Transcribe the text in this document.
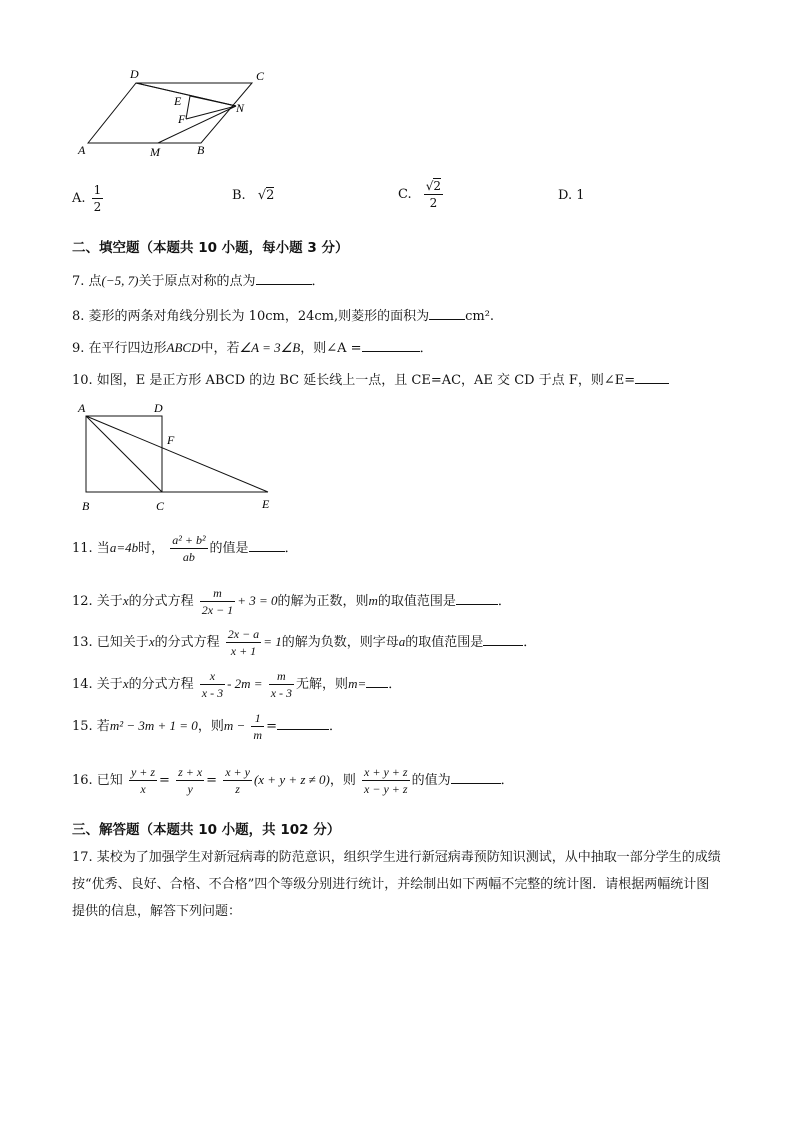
A
D	C
E
F
N
M	B
A. $\frac{1}{2}$	B. √2	C. $\frac{√2}{2}$	D. 1
二、填空题（本题共 10 小题，每小题 3 分）
7. 点(−5, 7)关于原点对称的点为	．
8. 菱形的两条对角线分别长为 10cm，24cm,则菱形的面积为	cm².
9. 在平行四边形ABCD中，若∠A = 3∠B，则∠A =	．
10. 如图，E 是正方形 ABCD 的边 BC 延长线上一点，且 CE=AC，AE 交 CD 于点 F，则∠E=
A	D
F
B	C	E
11. 当a=4b时， $\frac{\text{a² + b²}}{ab}$ 的值是	．
12. 关于x的分式方程 $\frac{m}{2x - 1} + 3 = 0$的解为正数，则m的取值范围是	．
13. 已知关于x的分式方程 $\frac{2x - a}{x + 1} = 1$的解为负数，则字母a的取值范围是	．
14. 关于x的分式方程 $\frac{x}{x - 3} - 2m = \frac{m}{x - 3}$ 无解，则m= ．
15. 若m² − 3m + 1 = 0，则$m - \frac{1}{m}$ =	．
16. 已知 $\frac{y + z}{x} = \frac{z + x}{y} = \frac{x + y}{z} (x + y + z \ne 0)$，则 $\frac{x + y + z}{x - y + z}$ 的值为	．
三、解答题（本题共 10 小题，共 102 分）
17. 某校为了加强学生对新冠病毒的防范意识，组织学生进行新冠病毒预防知识测试，从中抽取一部分学生的成绩按“优秀、良好、合格、不合格”四个等级分别进行统计，并绘制出如下两幅不完整的统计图．请根据两幅统计图提供的信息，解答下列问题：
